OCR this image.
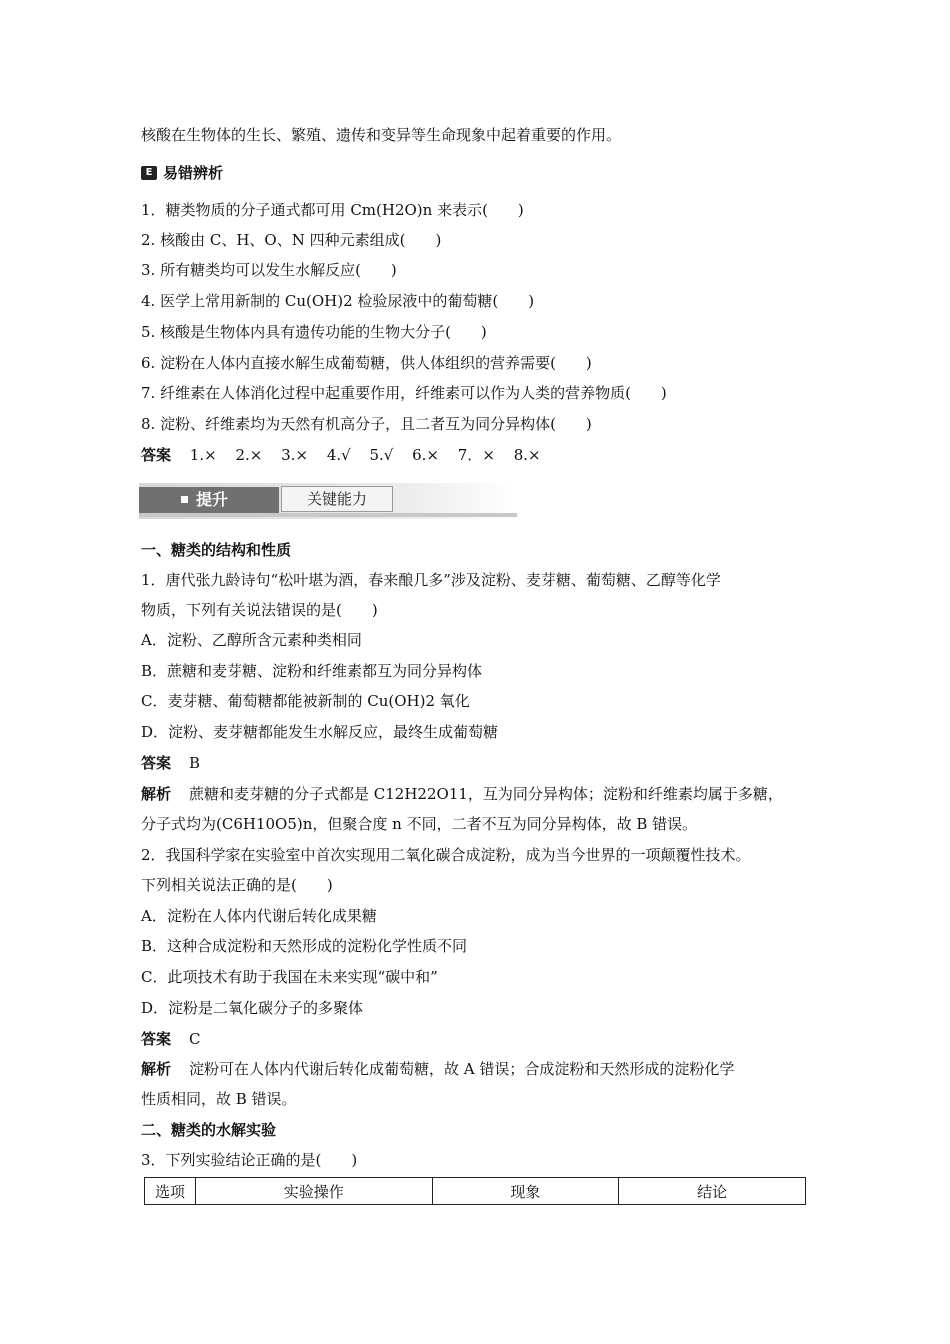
核酸在生物体的生长、繁殖、遗传和变异等生命现象中起着重要的作用。
E 易错辨析
1．糖类物质的分子通式都可用 Cm(H2O)n 来表示(　　)
2. 核酸由 C、H、O、N 四种元素组成(　　)
3. 所有糖类均可以发生水解反应(　　)
4. 医学上常用新制的 Cu(OH)2 检验尿液中的葡萄糖(　　)
5. 核酸是生物体内具有遗传功能的生物大分子(　　)
6. 淀粉在人体内直接水解生成葡萄糖，供人体组织的营养需要(　　)
7. 纤维素在人体消化过程中起重要作用，纤维素可以作为人类的营养物质(　　)
8. 淀粉、纤维素均为天然有机高分子，且二者互为同分异构体(　　)
答案 1.× 2.× 3.× 4.√ 5.√ 6.× 7．× 8.×
提升	关键能力
一、糖类的结构和性质
1．唐代张九龄诗句“松叶堪为酒，春来酿几多”涉及淀粉、麦芽糖、葡萄糖、乙醇等化学
物质，下列有关说法错误的是(　　)
A．淀粉、乙醇所含元素种类相同
B．蔗糖和麦芽糖、淀粉和纤维素都互为同分异构体
C．麦芽糖、葡萄糖都能被新制的 Cu(OH)2 氧化
D．淀粉、麦芽糖都能发生水解反应，最终生成葡萄糖
答案 B
解析 蔗糖和麦芽糖的分子式都是 C12H22O11，互为同分异构体；淀粉和纤维素均属于多糖，
分子式均为(C6H10O5)n，但聚合度 n 不同，二者不互为同分异构体，故 B 错误。
2．我国科学家在实验室中首次实现用二氧化碳合成淀粉，成为当今世界的一项颠覆性技术。
下列相关说法正确的是(　　)
A．淀粉在人体内代谢后转化成果糖
B．这种合成淀粉和天然形成的淀粉化学性质不同
C．此项技术有助于我国在未来实现“碳中和”
D．淀粉是二氧化碳分子的多聚体
答案 C
解析 淀粉可在人体内代谢后转化成葡萄糖，故 A 错误；合成淀粉和天然形成的淀粉化学
性质相同，故 B 错误。
二、糖类的水解实验
3．下列实验结论正确的是(　　)
选项	实验操作	现象	结论
